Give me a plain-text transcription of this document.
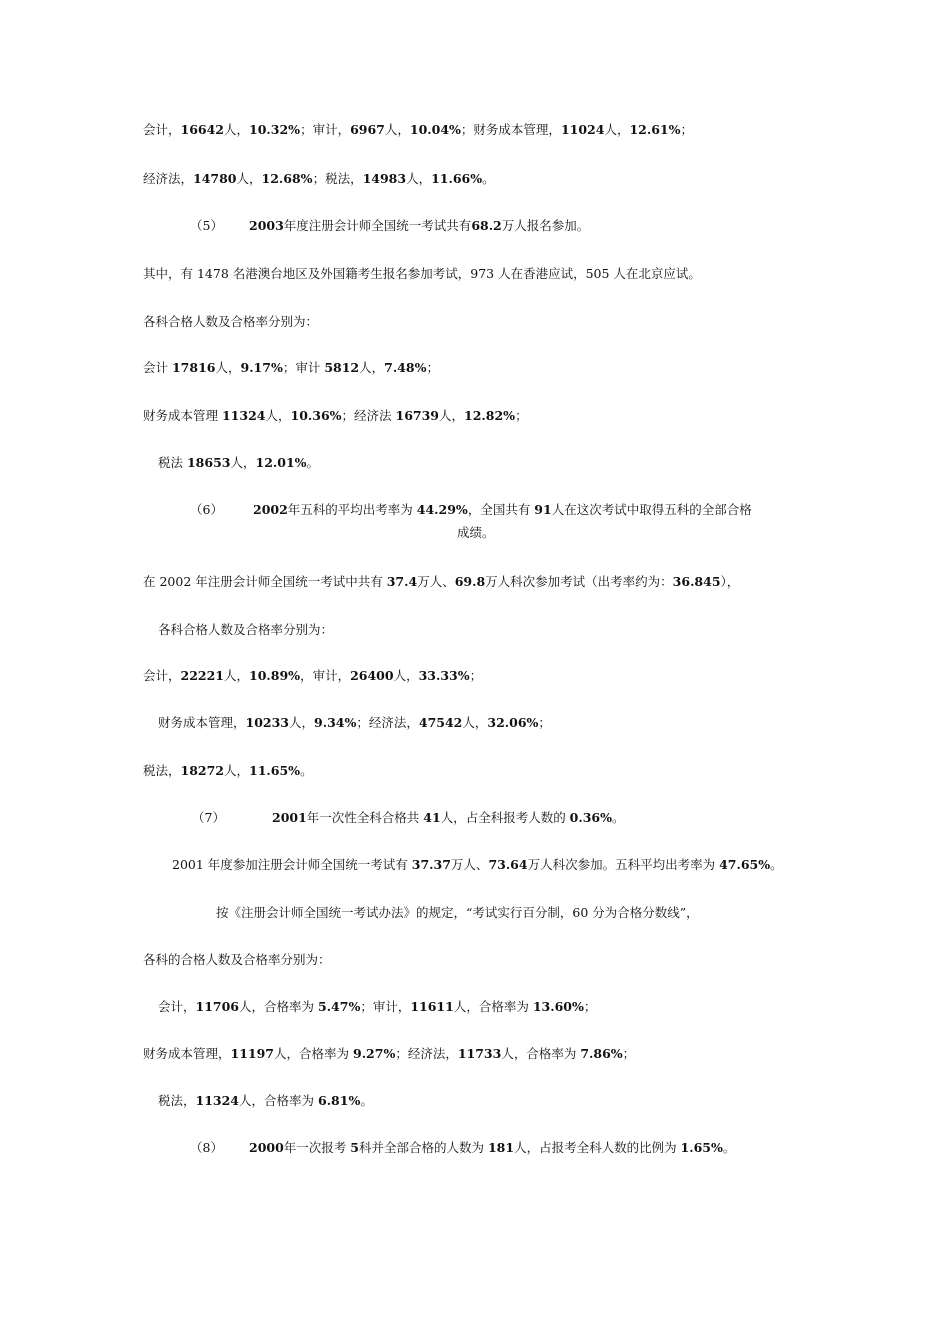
会计，16642人，10.32%；审计，6967人，10.04%；财务成本管理，11024人，12.61%；
经济法，14780人，12.68%；税法，14983人，11.66%。
（5） 2003年度注册会计师全国统一考试共有68.2万人报名参加。
其中，有 1478 名港澳台地区及外国籍考生报名参加考试，973 人在香港应试，505 人在北京应试。
各科合格人数及合格率分别为：
会计 17816人，9.17%；审计 5812人，7.48%；
财务成本管理 11324人，10.36%；经济法 16739人，12.82%；
税法 18653人，12.01%。
（6） 2002年五科的平均出考率为 44.29%，全国共有 91人在这次考试中取得五科的全部合格
成绩。
在 2002 年注册会计师全国统一考试中共有 37.4万人、69.8万人科次参加考试（出考率约为：36.845），
各科合格人数及合格率分别为：
会计，22221人，10.89%，审计，26400人，33.33%；
财务成本管理，10233人，9.34%；经济法，47542人，32.06%；
税法，18272人，11.65%。
（7）	2001年一次性全科合格共 41人，占全科报考人数的 0.36%。
2001 年度参加注册会计师全国统一考试有 37.37万人、73.64万人科次参加。五科平均出考率为 47.65%。
按《注册会计师全国统一考试办法》的规定，“考试实行百分制，60 分为合格分数线”，
各科的合格人数及合格率分别为：
会计，11706人，合格率为 5.47%；审计，11611人，合格率为 13.60%；
财务成本管理，11197人，合格率为 9.27%；经济法，11733人，合格率为 7.86%；
税法，11324人，合格率为 6.81%。
（8） 2000年一次报考 5科并全部合格的人数为 181人，占报考全科人数的比例为 1.65%。
